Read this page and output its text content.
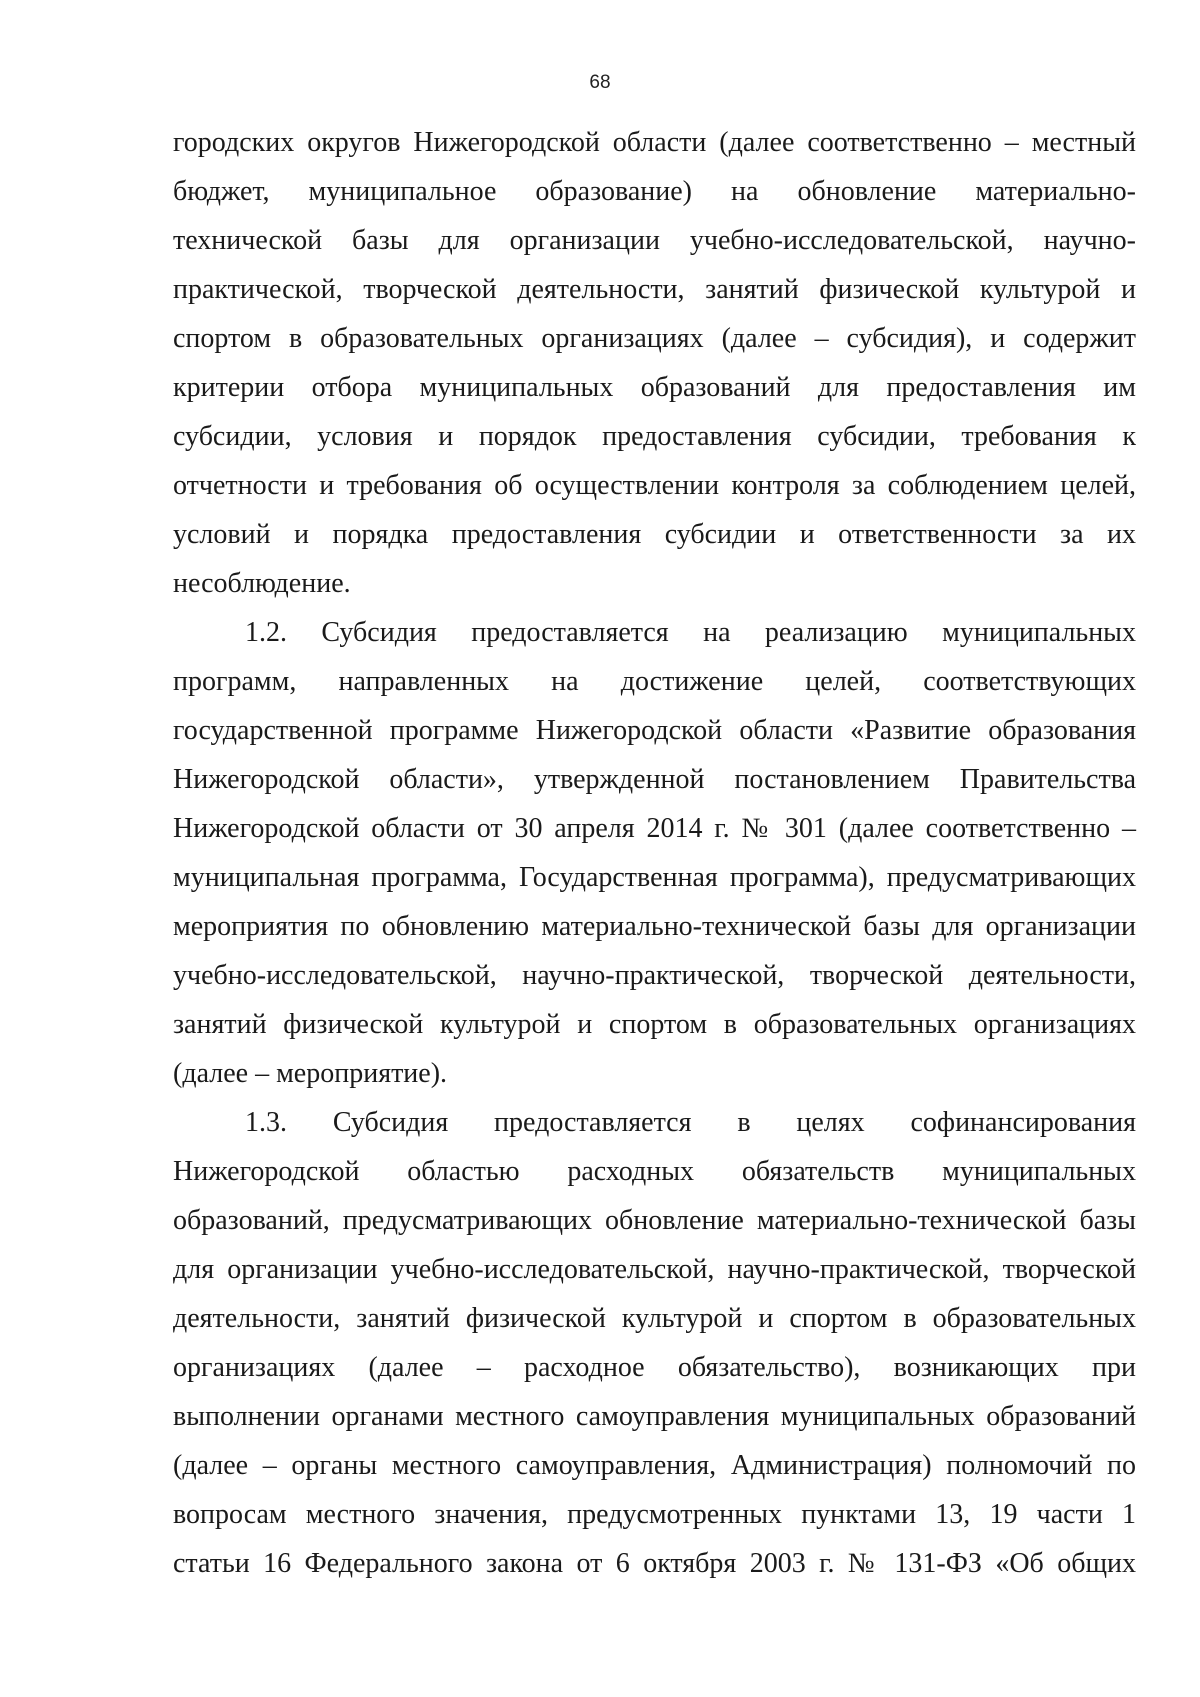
68

городских округов Нижегородской области (далее соответственно – местный
бюджет, муниципальное образование) на обновление материально-
технической базы для организации учебно-исследовательской, научно-
практической, творческой деятельности, занятий физической культурой и
спортом в образовательных организациях (далее – субсидия), и содержит
критерии отбора муниципальных образований для предоставления им
субсидии, условия и порядок предоставления субсидии, требования к
отчетности и требования об осуществлении контроля за соблюдением целей,
условий и порядка предоставления субсидии и ответственности за их
несоблюдение.

1.2. Субсидия предоставляется на реализацию муниципальных
программ, направленных на достижение целей, соответствующих
государственной программе Нижегородской области «Развитие образования
Нижегородской области», утвержденной постановлением Правительства
Нижегородской области от 30 апреля 2014 г. № 301 (далее соответственно –
муниципальная программа, Государственная программа), предусматривающих
мероприятия по обновлению материально-технической базы для организации
учебно-исследовательской, научно-практической, творческой деятельности,
занятий физической культурой и спортом в образовательных организациях
(далее – мероприятие).

1.3. Субсидия предоставляется в целях софинансирования
Нижегородской областью расходных обязательств муниципальных
образований, предусматривающих обновление материально-технической базы
для организации учебно-исследовательской, научно-практической, творческой
деятельности, занятий физической культурой и спортом в образовательных
организациях (далее – расходное обязательство), возникающих при
выполнении органами местного самоуправления муниципальных образований
(далее – органы местного самоуправления, Администрация) полномочий по
вопросам местного значения, предусмотренных пунктами 13, 19 части 1
статьи 16 Федерального закона от 6 октября 2003 г. № 131-ФЗ «Об общих
